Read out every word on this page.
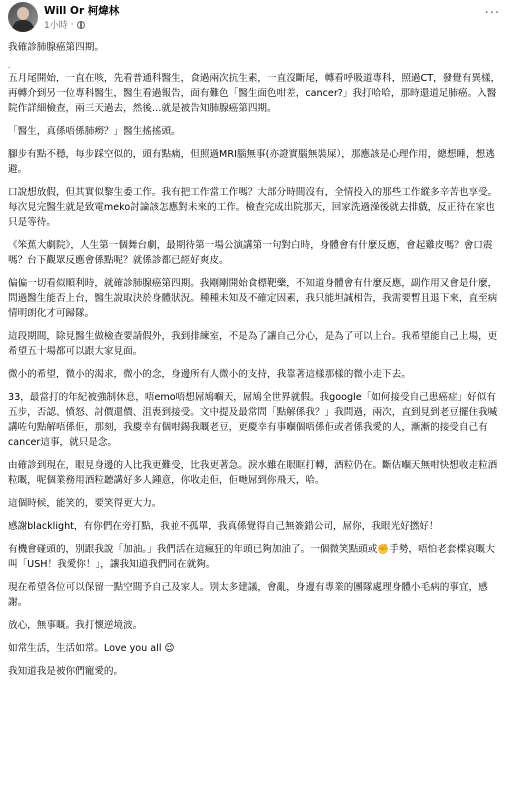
Will Or 柯煒林
1小時 ·
···

我確診肺腺癌第四期。

.

五月尾開始，一直在咳，先看普通科醫生，食過兩次抗生素，一直沒斷尾，轉看呼吸道專科，照過CT，發覺有異樣，再轉介到另一位專科醫生，醫生看過報告，面有難色「醫生面色咁差，cancer?」我打哈哈，那時還道足肺癌。入醫院作詳細檢查，兩三天過去，然後…就是被告知肺腺癌第四期。

「醫生，真係唔係肺癆？」醫生搖搖頭。

腳步有點不穩，每步踩空似的，頭有點痛，但照過MRI腦無事(亦證實腦無裝屎），那應該是心理作用，總想睡，想逃避。

口說想放假，但其實似黎生委工作。我有把工作當工作嗎？大部分時間沒有，全情投入的那些工作縱多辛苦也享受。每次見完醫生就是致電meko討論該怎應對未來的工作。檢查完成出院那天，回家洗過澡後就去排戲，反正待在家也只是等待。

《笨蕉大劇院》，人生第一個舞台劇，最期待第一場公演講第一句對白時，身體會有什麼反應，會起雞皮嗎？會口震嗎？台下觀眾反應會係點呢？就係診都已經好爽皮。

偏偏一切看似順利時，就確診肺腺癌第四期。我剛剛開始食標靶藥，不知道身體會有什麼反應，副作用又會是什麼，問過醫生能否上台，醫生說取決於身體狀況。種種未知及不確定因素，我只能坦誠相告，我需要暫且退下來，直至病情明朗化才可歸隊。

這段期間，除見醫生做檢查要請假外，我到排練室，不是為了讓自己分心，是為了可以上台。我希望能自己上場，更希望五十場都可以跟大家見面。

微小的希望，微小的渴求，微小的念，身邊所有人微小的支持，我靠著這樣那樣的微小走下去。

33，最當打的年紀被強制休息，唔emo唔想屌鳩嗰天，屌鳩全世界就假。我google「如何接受自己患癌症」好似有五步，否認、憤怒、討價還價、沮喪到接受。文中提及最常問「點解係我？」我問過，兩次，直到見到老豆擺住我喊講咗句點解唔係佢，那刻，我慶幸有個咁錫我嘅老豆，更慶幸有事嗰個唔係佢或者係我愛的人，漸漸的接受自己有cancer這事，就只是念。

由確診到現在，眼見身邊的人比我更難受，比我更著急。淚水雖在眼眶打轉，酒粒仍在。斷估嗰天無咁快想收走粒酒粒嘅，呢個業務用酒粒聽講好多人鍾意，你收走佢，佢哋屌到你飛天，哈。

這個時候，能笑的，要笑得更大力。

感謝blacklight，有你們在旁打點，我並不孤單，我真係覺得自己無簽錯公司，屌你，我眼光好撚好！

有機會碰頭的，別跟我說「加油。」我們活在這瘋狂的年頭已夠加油了。一個微笑點頭或✊手勢，唔怕老套楪哀嘅大叫「USH！我愛你！」，讓我知道我們同在就夠。

現在希望各位可以保留一點空間予自己及家人。別太多建議，會亂，身邊有專業的團隊處理身體小毛病的事宜，感謝。

放心，無事嘅。我打懷逆境波。

如常生活，生活如常。Love you all 😉

我知道我是被你們寵愛的。
